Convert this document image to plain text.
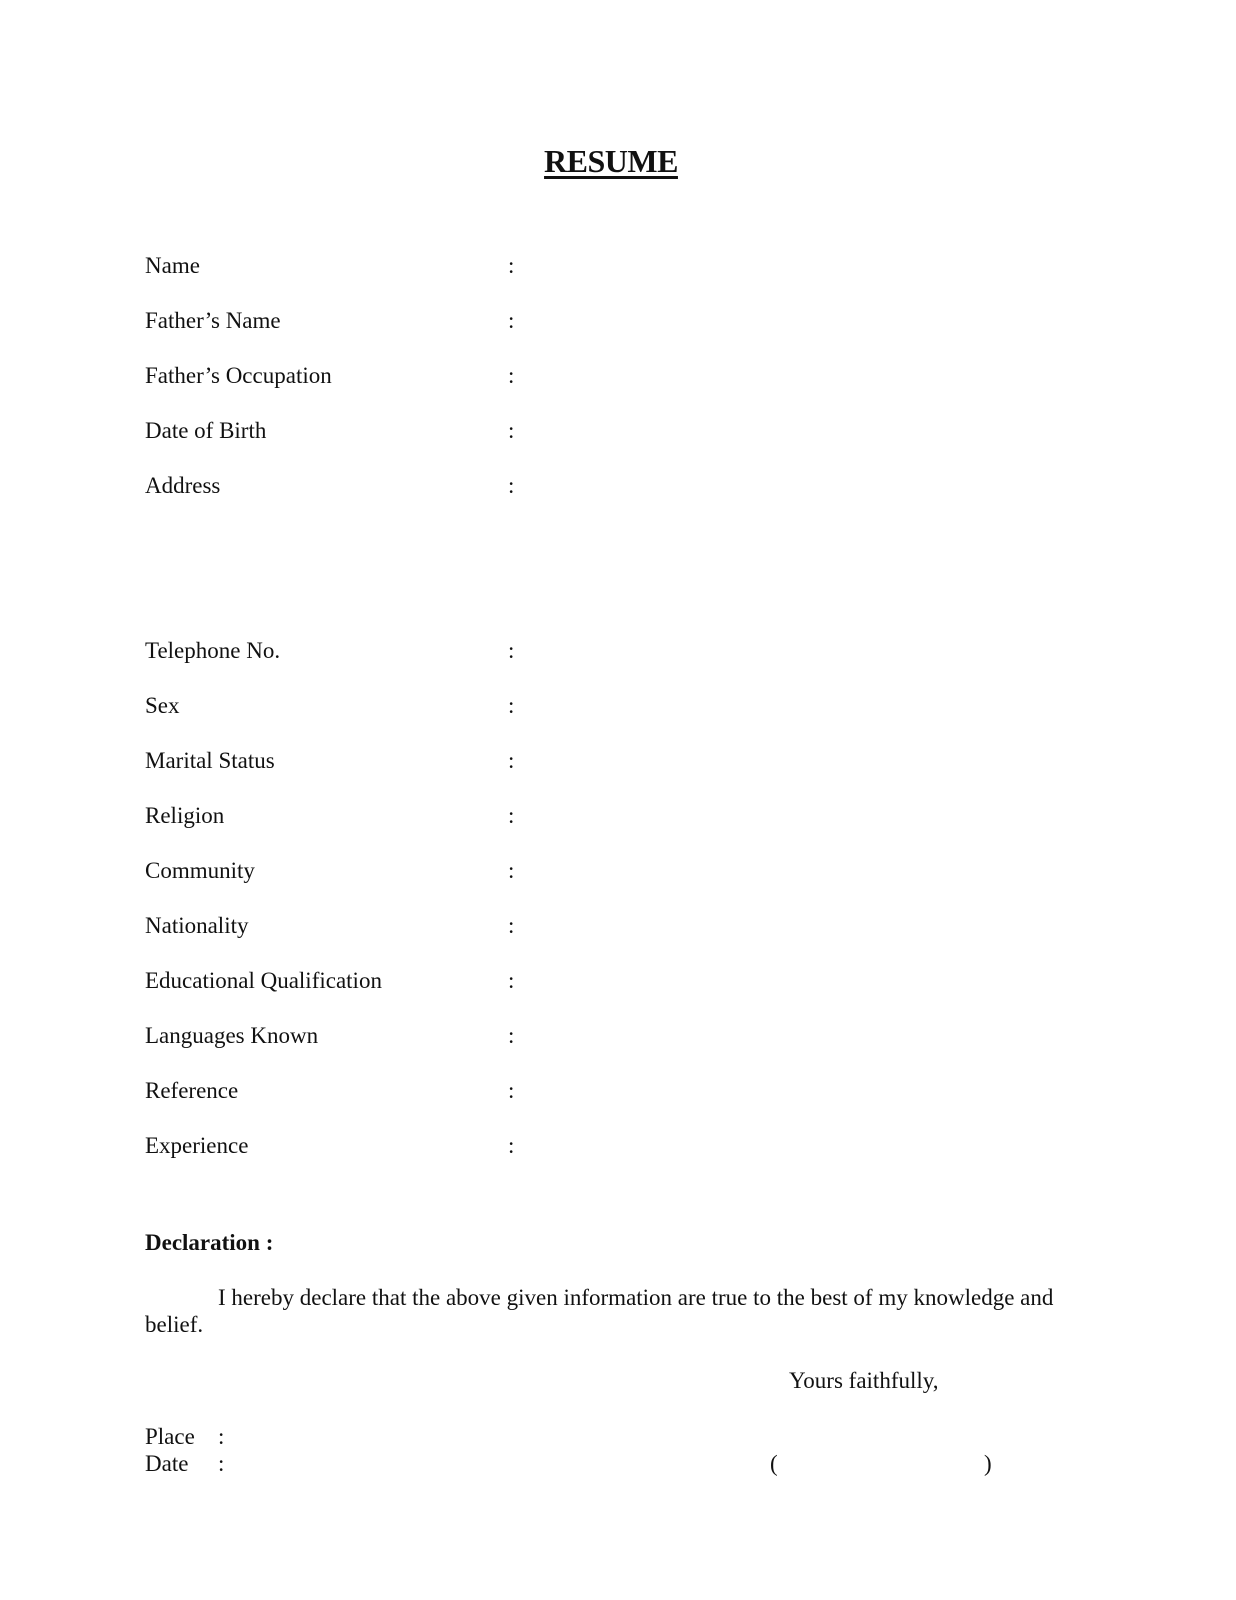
RESUME
Name	:
Father’s Name	:
Father’s Occupation	:
Date of Birth	:
Address	:
Telephone No.	:
Sex	:
Marital Status	:
Religion	:
Community	:
Nationality	:
Educational Qualification	:
Languages Known	:
Reference	:
Experience	:
Declaration :
I hereby declare that the above given information are true to the best of my knowledge and belief.
Yours faithfully,
Place :
Date :	(	)
